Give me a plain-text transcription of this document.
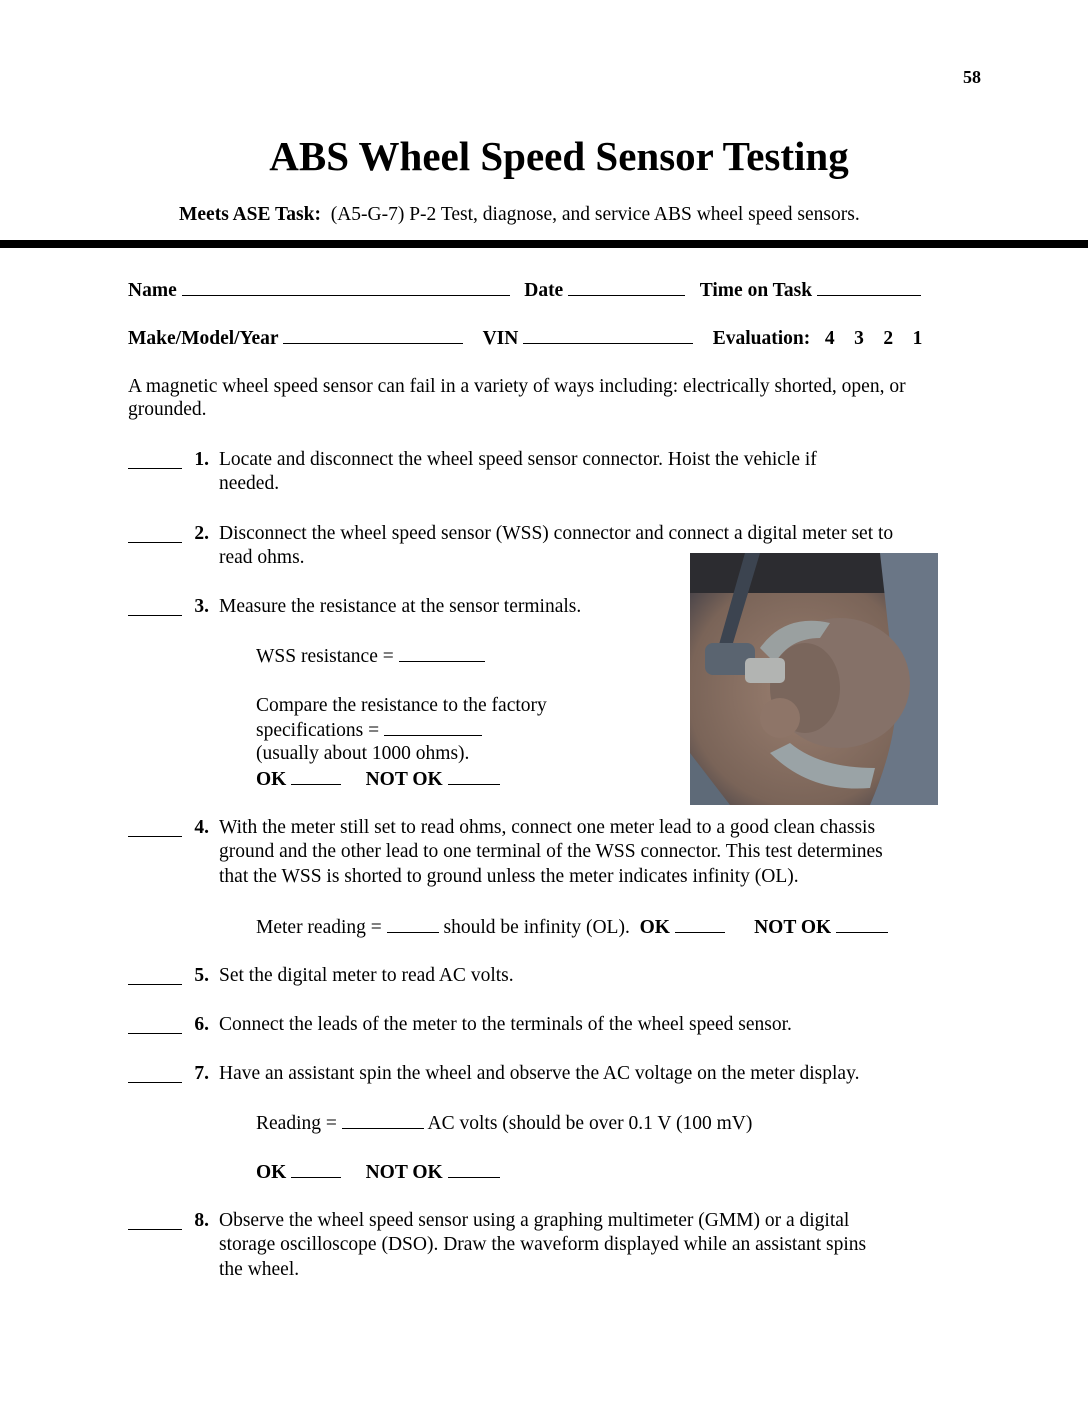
58
ABS Wheel Speed Sensor Testing
Meets ASE Task: (A5-G-7) P-2 Test, diagnose, and service ABS wheel speed sensors.
Name	Date	Time on Task
Make/Model/Year	VIN	Evaluation: 4 3 2 1
A magnetic wheel speed sensor can fail in a variety of ways including: electrically shorted, open, or
grounded.
1. Locate and disconnect the wheel speed sensor connector. Hoist the vehicle if
needed.
2. Disconnect the wheel speed sensor (WSS) connector and connect a digital meter set to
read ohms.
3. Measure the resistance at the sensor terminals.
WSS resistance =
Compare the resistance to the factory
specifications =
(usually about 1000 ohms).
OK	NOT OK
4. With the meter still set to read ohms, connect one meter lead to a good clean chassis
ground and the other lead to one terminal of the WSS connector. This test determines
that the WSS is shorted to ground unless the meter indicates infinity (OL).
Meter reading =	should be infinity (OL). OK	NOT OK
5. Set the digital meter to read AC volts.
6. Connect the leads of the meter to the terminals of the wheel speed sensor.
7. Have an assistant spin the wheel and observe the AC voltage on the meter display.
Reading =	AC volts (should be over 0.1 V (100 mV)
OK	NOT OK
8. Observe the wheel speed sensor using a graphing multimeter (GMM) or a digital
storage oscilloscope (DSO). Draw the waveform displayed while an assistant spins
the wheel.
